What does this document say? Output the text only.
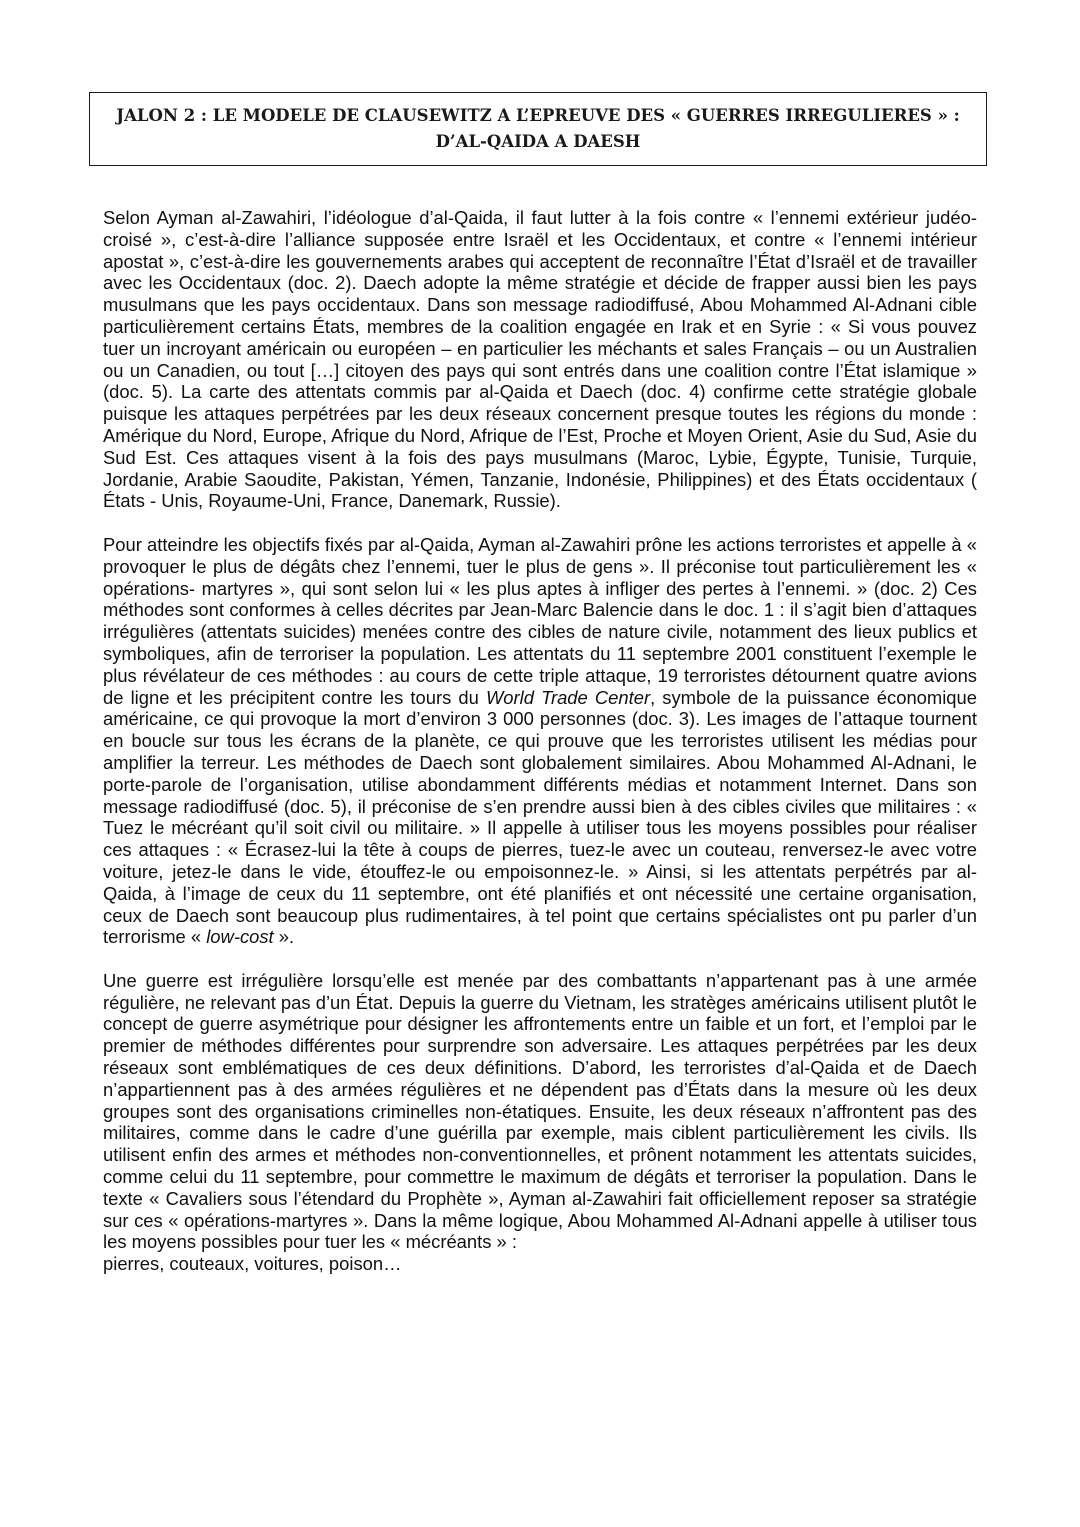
JALON 2 : LE MODELE DE CLAUSEWITZ A L’EPREUVE DES « GUERRES IRREGULIERES » :
D’AL-QAIDA A DAESH

Selon Ayman al-Zawahiri, l’idéologue d’al-Qaida, il faut lutter à la fois contre « l’ennemi extérieur judéo-croisé », c’est-à-dire l’alliance supposée entre Israël et les Occidentaux, et contre « l’ennemi intérieur apostat », c’est-à-dire les gouvernements arabes qui acceptent de reconnaître l’État d’Israël et de travailler avec les Occidentaux (doc. 2). Daech adopte la même stratégie et décide de frapper aussi bien les pays musulmans que les pays occidentaux. Dans son message radiodiffusé, Abou Mohammed Al-Adnani cible particulièrement certains États, membres de la coalition engagée en Irak et en Syrie : « Si vous pouvez tuer un incroyant américain ou européen – en particulier les méchants et sales Français – ou un Australien ou un Canadien, ou tout […] citoyen des pays qui sont entrés dans une coalition contre l’État islamique » (doc. 5). La carte des attentats commis par al-Qaida et Daech (doc. 4) confirme cette stratégie globale puisque les attaques perpétrées par les deux réseaux concernent presque toutes les régions du monde : Amérique du Nord, Europe, Afrique du Nord, Afrique de l’Est, Proche et Moyen Orient, Asie du Sud, Asie du Sud Est. Ces attaques visent à la fois des pays musulmans (Maroc, Lybie, Égypte, Tunisie, Turquie, Jordanie, Arabie Saoudite, Pakistan, Yémen, Tanzanie, Indonésie, Philippines) et des États occidentaux ( États - Unis, Royaume-Uni, France, Danemark, Russie).

Pour atteindre les objectifs fixés par al-Qaida, Ayman al-Zawahiri prône les actions terroristes et appelle à « provoquer le plus de dégâts chez l’ennemi, tuer le plus de gens ». Il préconise tout particulièrement les « opérations- martyres », qui sont selon lui « les plus aptes à infliger des pertes à l’ennemi. » (doc. 2) Ces méthodes sont conformes à celles décrites par Jean-Marc Balencie dans le doc. 1 : il s’agit bien d’attaques irrégulières (attentats suicides) menées contre des cibles de nature civile, notamment des lieux publics et symboliques, afin de terroriser la population. Les attentats du 11 septembre 2001 constituent l’exemple le plus révélateur de ces méthodes : au cours de cette triple attaque, 19 terroristes détournent quatre avions de ligne et les précipitent contre les tours du World Trade Center, symbole de la puissance économique américaine, ce qui provoque la mort d’environ 3 000 personnes (doc. 3). Les images de l’attaque tournent en boucle sur tous les écrans de la planète, ce qui prouve que les terroristes utilisent les médias pour amplifier la terreur. Les méthodes de Daech sont globalement similaires. Abou Mohammed Al-Adnani, le porte-parole de l’organisation, utilise abondamment différents médias et notamment Internet. Dans son message radiodiffusé (doc. 5), il préconise de s’en prendre aussi bien à des cibles civiles que militaires : « Tuez le mécréant qu’il soit civil ou militaire. » Il appelle à utiliser tous les moyens possibles pour réaliser ces attaques : « Écrasez-lui la tête à coups de pierres, tuez-le avec un couteau, renversez-le avec votre voiture, jetez-le dans le vide, étouffez-le ou empoisonnez-le. » Ainsi, si les attentats perpétrés par al- Qaida, à l’image de ceux du 11 septembre, ont été planifiés et ont nécessité une certaine organisation, ceux de Daech sont beaucoup plus rudimentaires, à tel point que certains spécialistes ont pu parler d’un terrorisme « low-cost ».

Une guerre est irrégulière lorsqu’elle est menée par des combattants n’appartenant pas à une armée régulière, ne relevant pas d’un État. Depuis la guerre du Vietnam, les stratèges américains utilisent plutôt le concept de guerre asymétrique pour désigner les affrontements entre un faible et un fort, et l’emploi par le premier de méthodes différentes pour surprendre son adversaire. Les attaques perpétrées par les deux réseaux sont emblématiques de ces deux définitions. D’abord, les terroristes d’al-Qaida et de Daech n’appartiennent pas à des armées régulières et ne dépendent pas d’États dans la mesure où les deux groupes sont des organisations criminelles non-étatiques. Ensuite, les deux réseaux n’affrontent pas des militaires, comme dans le cadre d’une guérilla par exemple, mais ciblent particulièrement les civils. Ils utilisent enfin des armes et méthodes non-conventionnelles, et prônent notamment les attentats suicides, comme celui du 11 septembre, pour commettre le maximum de dégâts et terroriser la population. Dans le texte « Cavaliers sous l’étendard du Prophète », Ayman al-Zawahiri fait officiellement reposer sa stratégie sur ces « opérations-martyres ». Dans la même logique, Abou Mohammed Al-Adnani appelle à utiliser tous les moyens possibles pour tuer les « mécréants » :
pierres, couteaux, voitures, poison…
